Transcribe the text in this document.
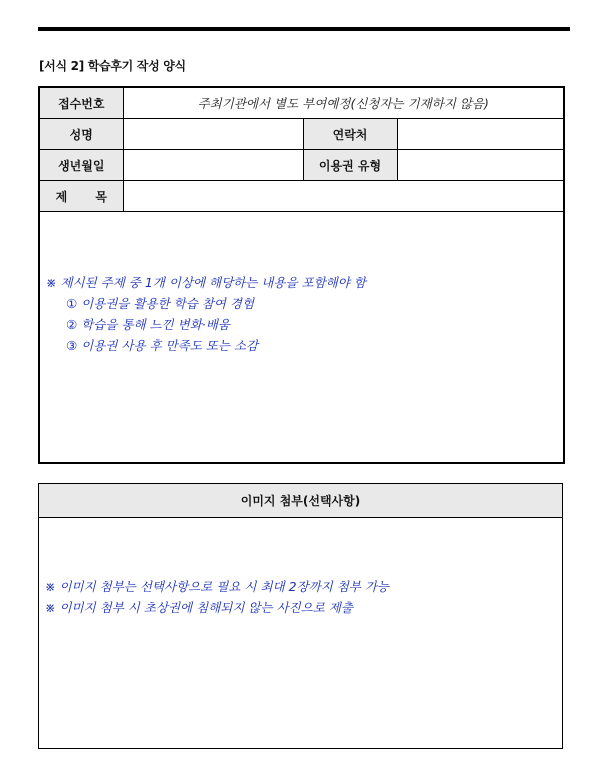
[서식 2] 학습후기 작성 양식
접수번호	주최기관에서 별도 부여예정(신청자는 기재하지 않음)		
성명		연락처	
생년월일		이용권 유형	
제 목			

※ 제시된 주제 중 1개 이상에 해당하는 내용을 포함해야 함
① 이용권을 활용한 학습 참여 경험
② 학습을 통해 느낀 변화·배움
③ 이용권 사용 후 만족도 또는 소감			
이미지 첨부(선택사항)

※ 이미지 첨부는 선택사항으로 필요 시 최대 2장까지 첨부 가능
※ 이미지 첨부 시 초상권에 침해되지 않는 사진으로 제출
